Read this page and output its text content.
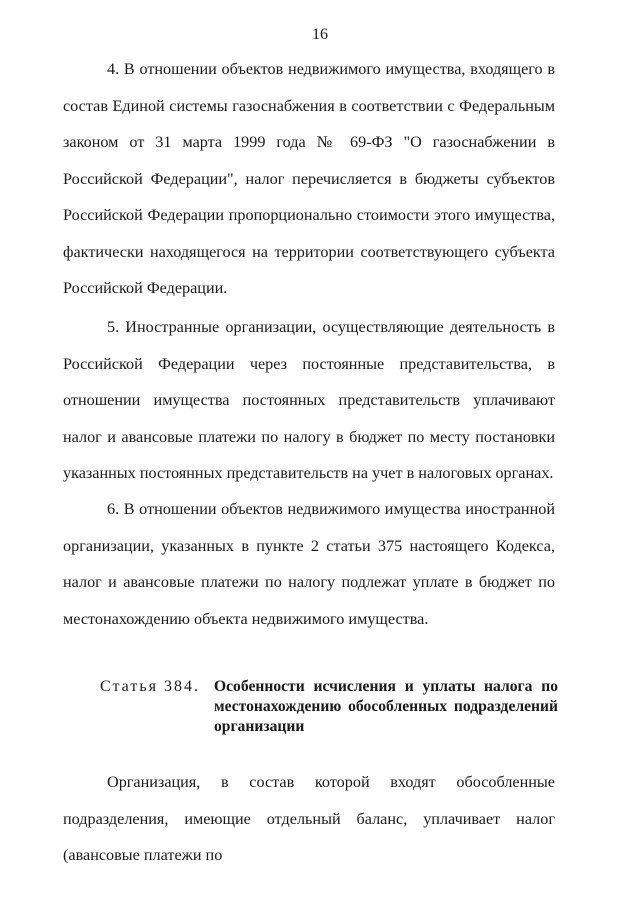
16

4. В отношении объектов недвижимого имущества, входящего в состав Единой системы газоснабжения в соответствии с Федеральным законом от 31 марта 1999 года № 69-ФЗ "О газоснабжении в Российской Федерации", налог перечисляется в бюджеты субъектов Российской Федерации пропорционально стоимости этого имущества, фактически находящегося на территории соответствующего субъекта Российской Федерации.

5. Иностранные организации, осуществляющие деятельность в Российской Федерации через постоянные представительства, в отношении имущества постоянных представительств уплачивают налог и авансовые платежи по налогу в бюджет по месту постановки указанных постоянных представительств на учет в налоговых органах.

6. В отношении объектов недвижимого имущества иностранной организации, указанных в пункте 2 статьи 375 настоящего Кодекса, налог и авансовые платежи по налогу подлежат уплате в бюджет по местонахождению объекта недвижимого имущества.

Статья 384. Особенности исчисления и уплаты налога по местонахождению обособленных подразделений организации

Организация, в состав которой входят обособленные подразделения, имеющие отдельный баланс, уплачивает налог (авансовые платежи по
